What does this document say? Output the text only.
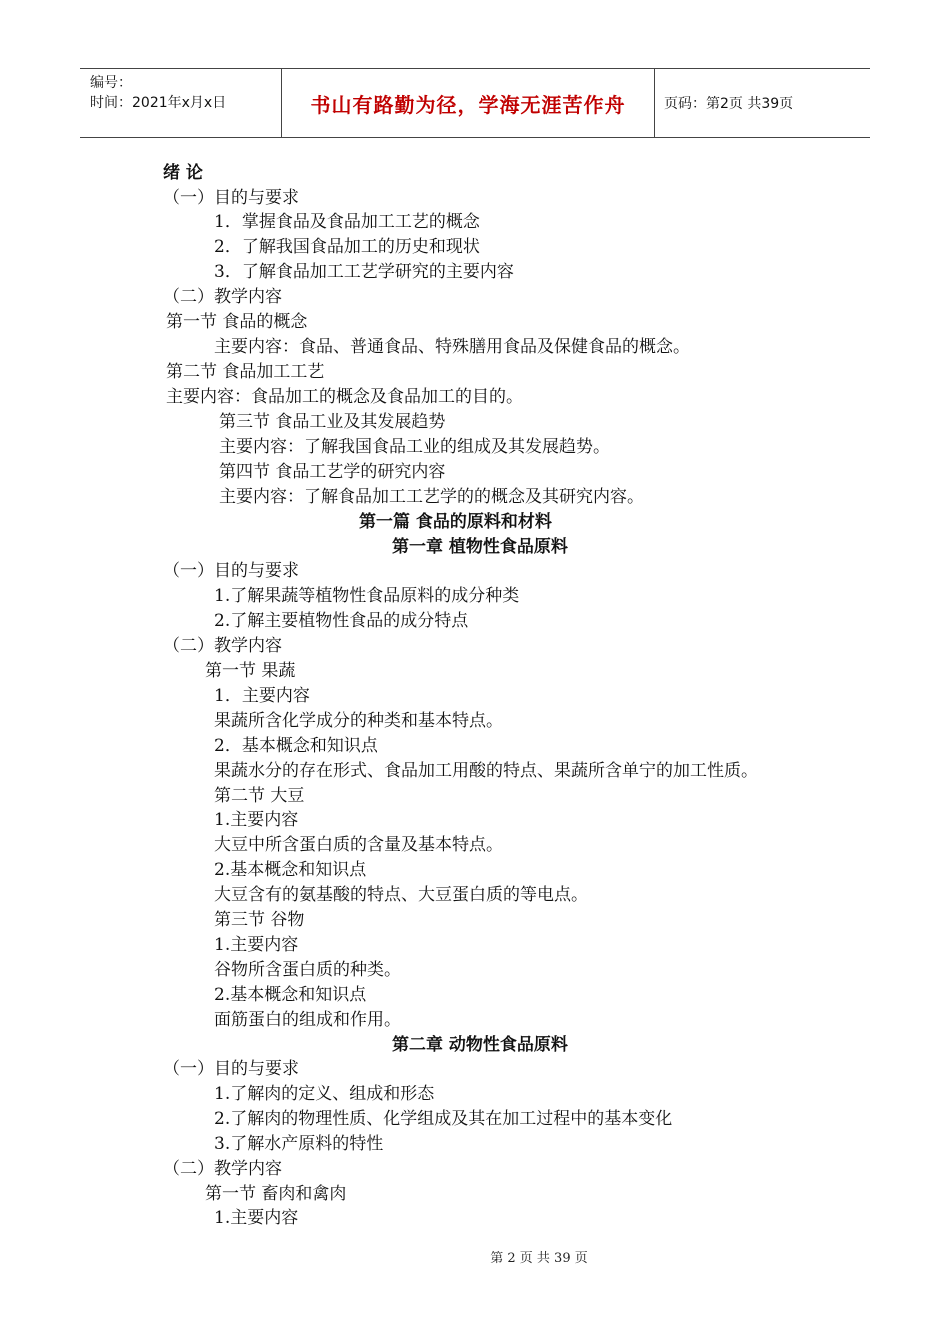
编号：
时间：2021年x月x日	书山有路勤为径，学海无涯苦作舟	页码：第2页 共39页
绪 论
（一）目的与要求
1．掌握食品及食品加工工艺的概念
2．了解我国食品加工的历史和现状
3．了解食品加工工艺学研究的主要内容
（二）教学内容
第一节 食品的概念
主要内容：食品、普通食品、特殊膳用食品及保健食品的概念。
第二节 食品加工工艺
主要内容：食品加工的概念及食品加工的目的。
第三节 食品工业及其发展趋势
主要内容：了解我国食品工业的组成及其发展趋势。
第四节 食品工艺学的研究内容
主要内容：了解食品加工工艺学的的概念及其研究内容。
第一篇 食品的原料和材料
第一章 植物性食品原料
（一）目的与要求
1.了解果蔬等植物性食品原料的成分种类
2.了解主要植物性食品的成分特点
（二）教学内容
第一节 果蔬
1．主要内容
果蔬所含化学成分的种类和基本特点。
2．基本概念和知识点
果蔬水分的存在形式、食品加工用酸的特点、果蔬所含单宁的加工性质。
第二节 大豆
1.主要内容
大豆中所含蛋白质的含量及基本特点。
2.基本概念和知识点
大豆含有的氨基酸的特点、大豆蛋白质的等电点。
第三节 谷物
1.主要内容
谷物所含蛋白质的种类。
2.基本概念和知识点
面筋蛋白的组成和作用。
第二章 动物性食品原料
（一）目的与要求
1.了解肉的定义、组成和形态
2.了解肉的物理性质、化学组成及其在加工过程中的基本变化
3.了解水产原料的特性
（二）教学内容
第一节 畜肉和禽肉
1.主要内容
第 2 页 共 39 页
